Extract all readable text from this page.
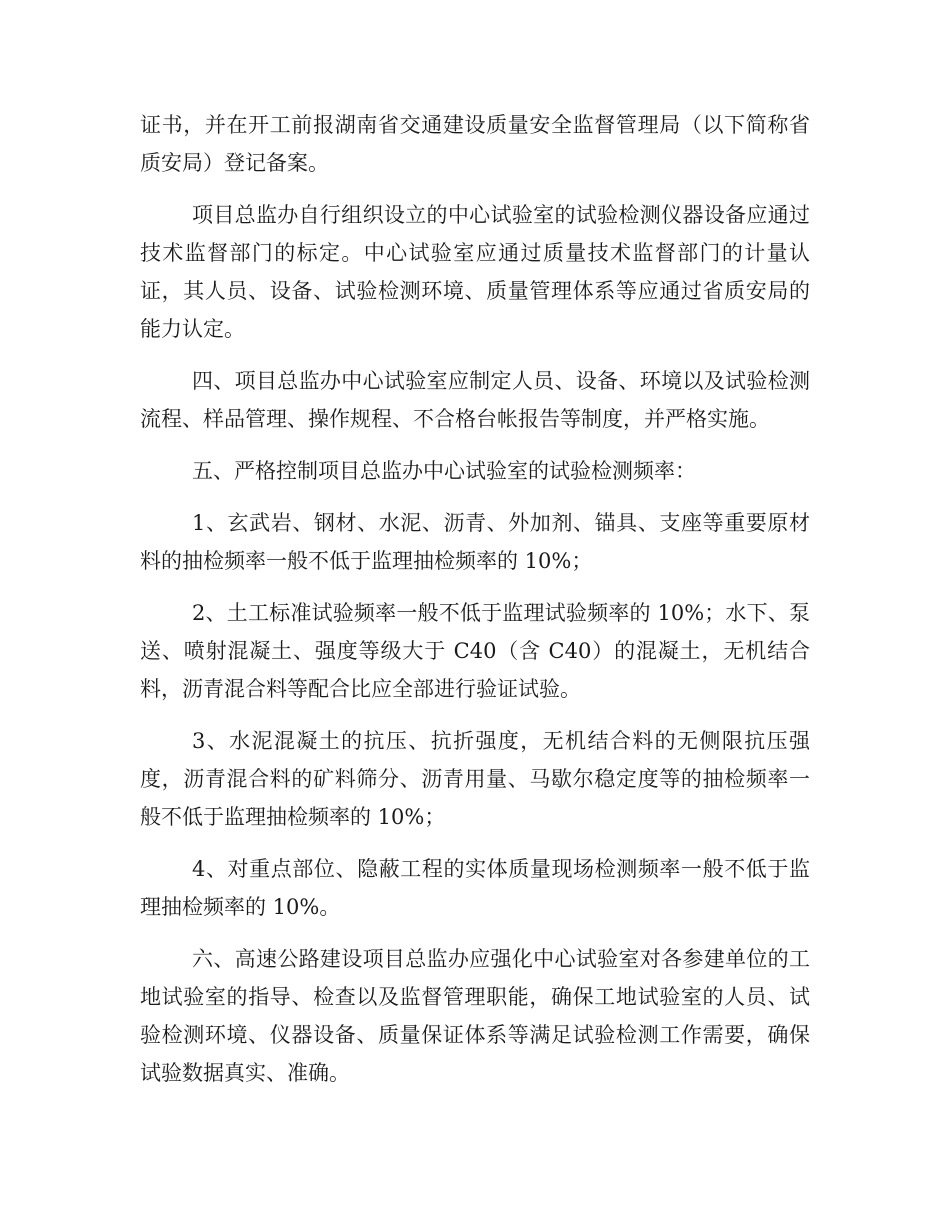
证书，并在开工前报湖南省交通建设质量安全监督管理局（以下简称省质安局）登记备案。

项目总监办自行组织设立的中心试验室的试验检测仪器设备应通过技术监督部门的标定。中心试验室应通过质量技术监督部门的计量认证，其人员、设备、试验检测环境、质量管理体系等应通过省质安局的能力认定。

四、项目总监办中心试验室应制定人员、设备、环境以及试验检测流程、样品管理、操作规程、不合格台帐报告等制度，并严格实施。

五、严格控制项目总监办中心试验室的试验检测频率：

1、玄武岩、钢材、水泥、沥青、外加剂、锚具、支座等重要原材料的抽检频率一般不低于监理抽检频率的 10%；

2、土工标准试验频率一般不低于监理试验频率的 10%；水下、泵送、喷射混凝土、强度等级大于 C40（含 C40）的混凝土，无机结合料，沥青混合料等配合比应全部进行验证试验。

3、水泥混凝土的抗压、抗折强度，无机结合料的无侧限抗压强度，沥青混合料的矿料筛分、沥青用量、马歇尔稳定度等的抽检频率一般不低于监理抽检频率的 10%；

4、对重点部位、隐蔽工程的实体质量现场检测频率一般不低于监理抽检频率的 10%。

六、高速公路建设项目总监办应强化中心试验室对各参建单位的工地试验室的指导、检查以及监督管理职能，确保工地试验室的人员、试验检测环境、仪器设备、质量保证体系等满足试验检测工作需要，确保试验数据真实、准确。
